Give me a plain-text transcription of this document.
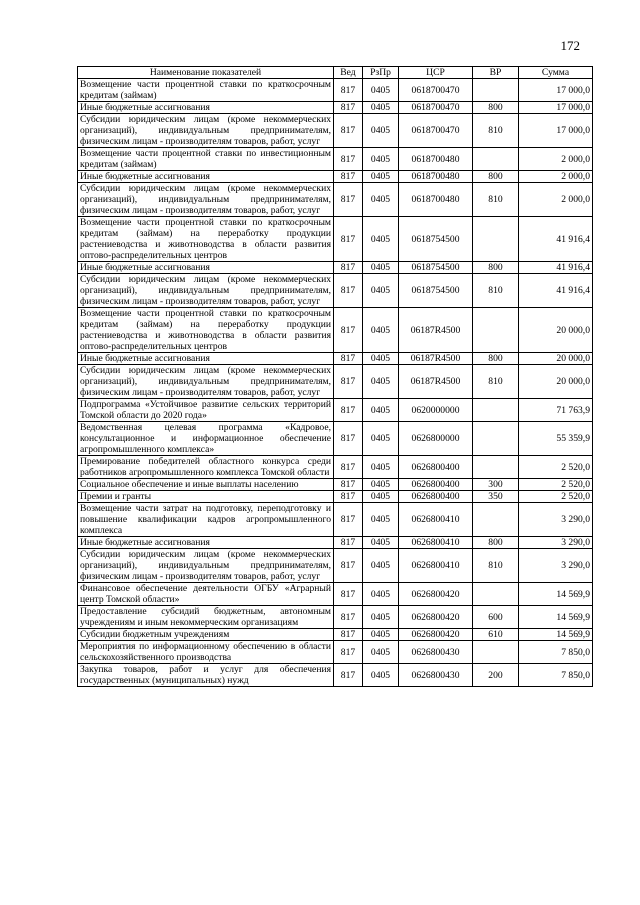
172
Наименование показателей	Вед	РзПр	ЦСР	ВР	Сумма
Возмещение части процентной ставки по краткосрочным кредитам (займам)	817	0405	0618700470		17 000,0
Иные бюджетные ассигнования	817	0405	0618700470	800	17 000,0
Субсидии юридическим лицам (кроме некоммерческих организаций), индивидуальным предпринимателям, физическим лицам - производителям товаров, работ, услуг	817	0405	0618700470	810	17 000,0
Возмещение части процентной ставки по инвестиционным кредитам (займам)	817	0405	0618700480		2 000,0
Иные бюджетные ассигнования	817	0405	0618700480	800	2 000,0
Субсидии юридическим лицам (кроме некоммерческих организаций), индивидуальным предпринимателям, физическим лицам - производителям товаров, работ, услуг	817	0405	0618700480	810	2 000,0
Возмещение части процентной ставки по краткосрочным кредитам (займам) на переработку продукции растениеводства и животноводства в области развития оптово-распределительных центров	817	0405	0618754500		41 916,4
Иные бюджетные ассигнования	817	0405	0618754500	800	41 916,4
Субсидии юридическим лицам (кроме некоммерческих организаций), индивидуальным предпринимателям, физическим лицам - производителям товаров, работ, услуг	817	0405	0618754500	810	41 916,4
Возмещение части процентной ставки по краткосрочным кредитам (займам) на переработку продукции растениеводства и животноводства в области развития оптово-распределительных центров	817	0405	06187R4500		20 000,0
Иные бюджетные ассигнования	817	0405	06187R4500	800	20 000,0
Субсидии юридическим лицам (кроме некоммерческих организаций), индивидуальным предпринимателям, физическим лицам - производителям товаров, работ, услуг	817	0405	06187R4500	810	20 000,0
Подпрограмма «Устойчивое развитие сельских территорий Томской области до 2020 года»	817	0405	0620000000		71 763,9
Ведомственная целевая программа «Кадровое, консультационное и информационное обеспечение агропромышленного комплекса»	817	0405	0626800000		55 359,9
Премирование победителей областного конкурса среди работников агропромышленного комплекса Томской области	817	0405	0626800400		2 520,0
Социальное обеспечение и иные выплаты населению	817	0405	0626800400	300	2 520,0
Премии и гранты	817	0405	0626800400	350	2 520,0
Возмещение части затрат на подготовку, переподготовку и повышение квалификации кадров агропромышленного комплекса	817	0405	0626800410		3 290,0
Иные бюджетные ассигнования	817	0405	0626800410	800	3 290,0
Субсидии юридическим лицам (кроме некоммерческих организаций), индивидуальным предпринимателям, физическим лицам - производителям товаров, работ, услуг	817	0405	0626800410	810	3 290,0
Финансовое обеспечение деятельности ОГБУ «Аграрный центр Томской области»	817	0405	0626800420		14 569,9
Предоставление субсидий бюджетным, автономным учреждениям и иным некоммерческим организациям	817	0405	0626800420	600	14 569,9
Субсидии бюджетным учреждениям	817	0405	0626800420	610	14 569,9
Мероприятия по информационному обеспечению в области сельскохозяйственного производства	817	0405	0626800430		7 850,0
Закупка товаров, работ и услуг для обеспечения государственных (муниципальных) нужд	817	0405	0626800430	200	7 850,0
